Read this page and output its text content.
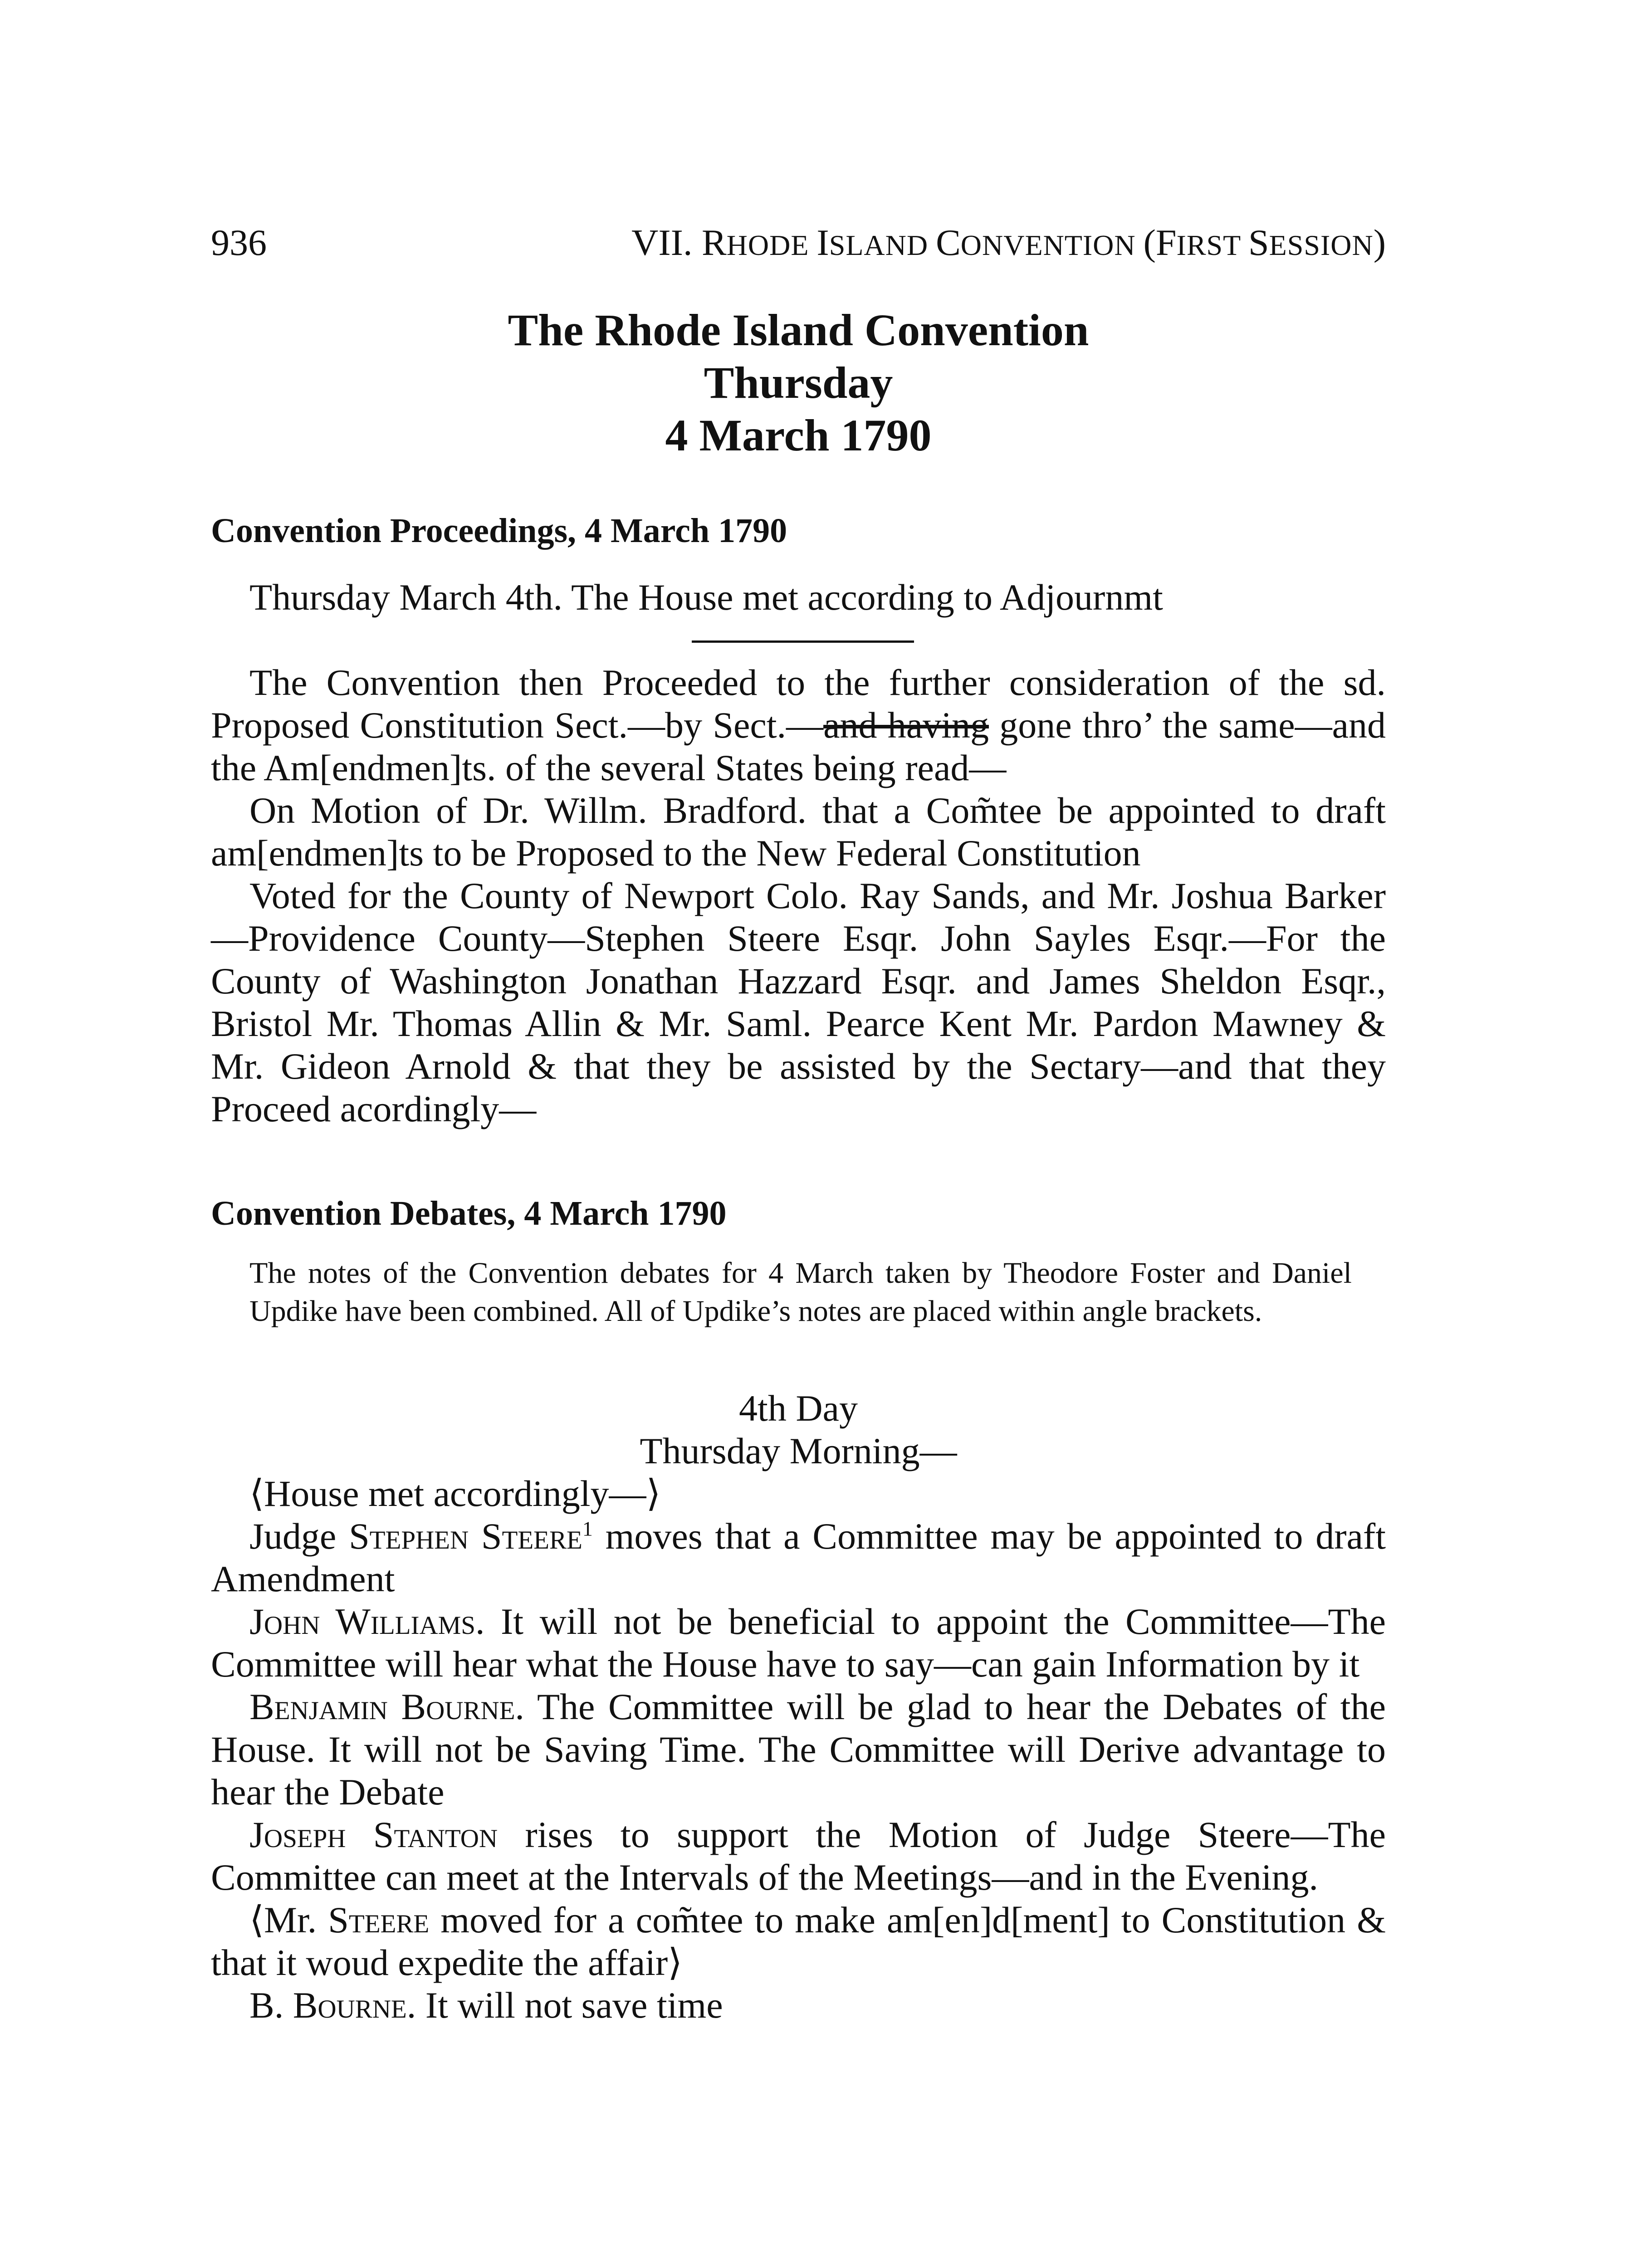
936	VII. RHODE ISLAND CONVENTION (FIRST SESSION)
The Rhode Island Convention
Thursday
4 March 1790
Convention Proceedings, 4 March 1790

Thursday March 4th. The House met according to Adjournmt

The Convention then Proceeded to the further consideration of the sd. Proposed Constitution Sect.—by Sect.—and having gone thro’ the same—and the Am[endmen]ts. of the several States being read—

On Motion of Dr. Willm. Bradford. that a Com̃tee be appointed to draft am[endmen]ts to be Proposed to the New Federal Constitution

Voted for the County of Newport Colo. Ray Sands, and Mr. Joshua Barker—Providence County—Stephen Steere Esqr. John Sayles Esqr.—For the County of Washington Jonathan Hazzard Esqr. and James Sheldon Esqr., Bristol Mr. Thomas Allin & Mr. Saml. Pearce Kent Mr. Pardon Mawney & Mr. Gideon Arnold & that they be assisted by the Sectary—and that they Proceed acordingly—

Convention Debates, 4 March 1790
The notes of the Convention debates for 4 March taken by Theodore Foster and Daniel Updike have been combined. All of Updike’s notes are placed within angle brackets.

4th Day

Thursday Morning—

⟨House met accordingly—⟩

Judge Stephen Steere$^1$ moves that a Committee may be appointed to draft Amendment

John Williams. It will not be beneficial to appoint the Committee—The Committee will hear what the House have to say—can gain Information by it

Benjamin Bourne. The Committee will be glad to hear the Debates of the House. It will not be Saving Time. The Committee will Derive advantage to hear the Debate

Joseph Stanton rises to support the Motion of Judge Steere—The Committee can meet at the Intervals of the Meetings—and in the Evening.

⟨Mr. Steere moved for a com̃tee to make am[en]d[ment] to Constitution & that it woud expedite the affair⟩

B. Bourne. It will not save time
